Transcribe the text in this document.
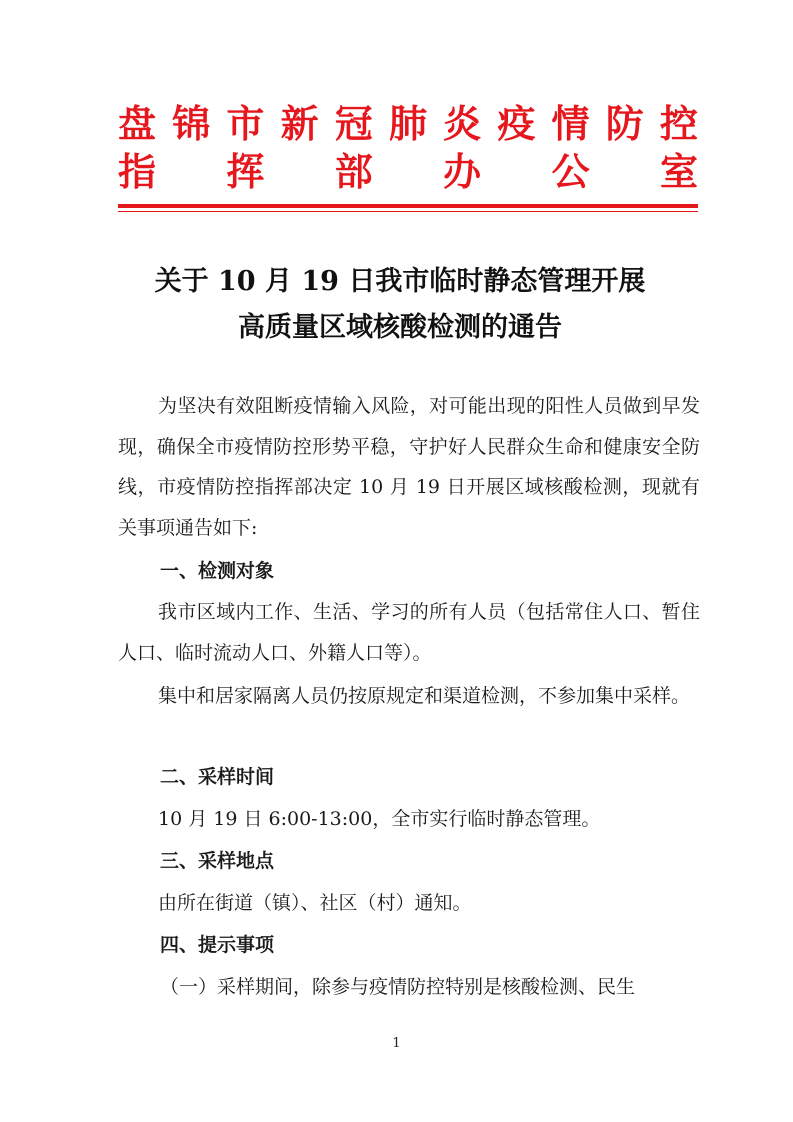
盘 锦 市 新 冠 肺 炎 疫 情 防 控
指 挥 部 办 公 室

关于 10 月 19 日我市临时静态管理开展

高质量区域核酸检测的通告

为坚决有效阻断疫情输入风险，对可能出现的阳性人员做到早发现，确保全市疫情防控形势平稳，守护好人民群众生命和健康安全防线，市疫情防控指挥部决定 10 月 19 日开展区域核酸检测，现就有关事项通告如下:

一、检测对象

我市区域内工作、生活、学习的所有人员（包括常住人口、暂住人口、临时流动人口、外籍人口等）。

集中和居家隔离人员仍按原规定和渠道检测，不参加集中采样。

二、采样时间

10 月 19 日 6:00-13:00，全市实行临时静态管理。

三、采样地点

由所在街道（镇）、社区（村）通知。

四、提示事项

（一）采样期间，除参与疫情防控特别是核酸检测、民生

1
